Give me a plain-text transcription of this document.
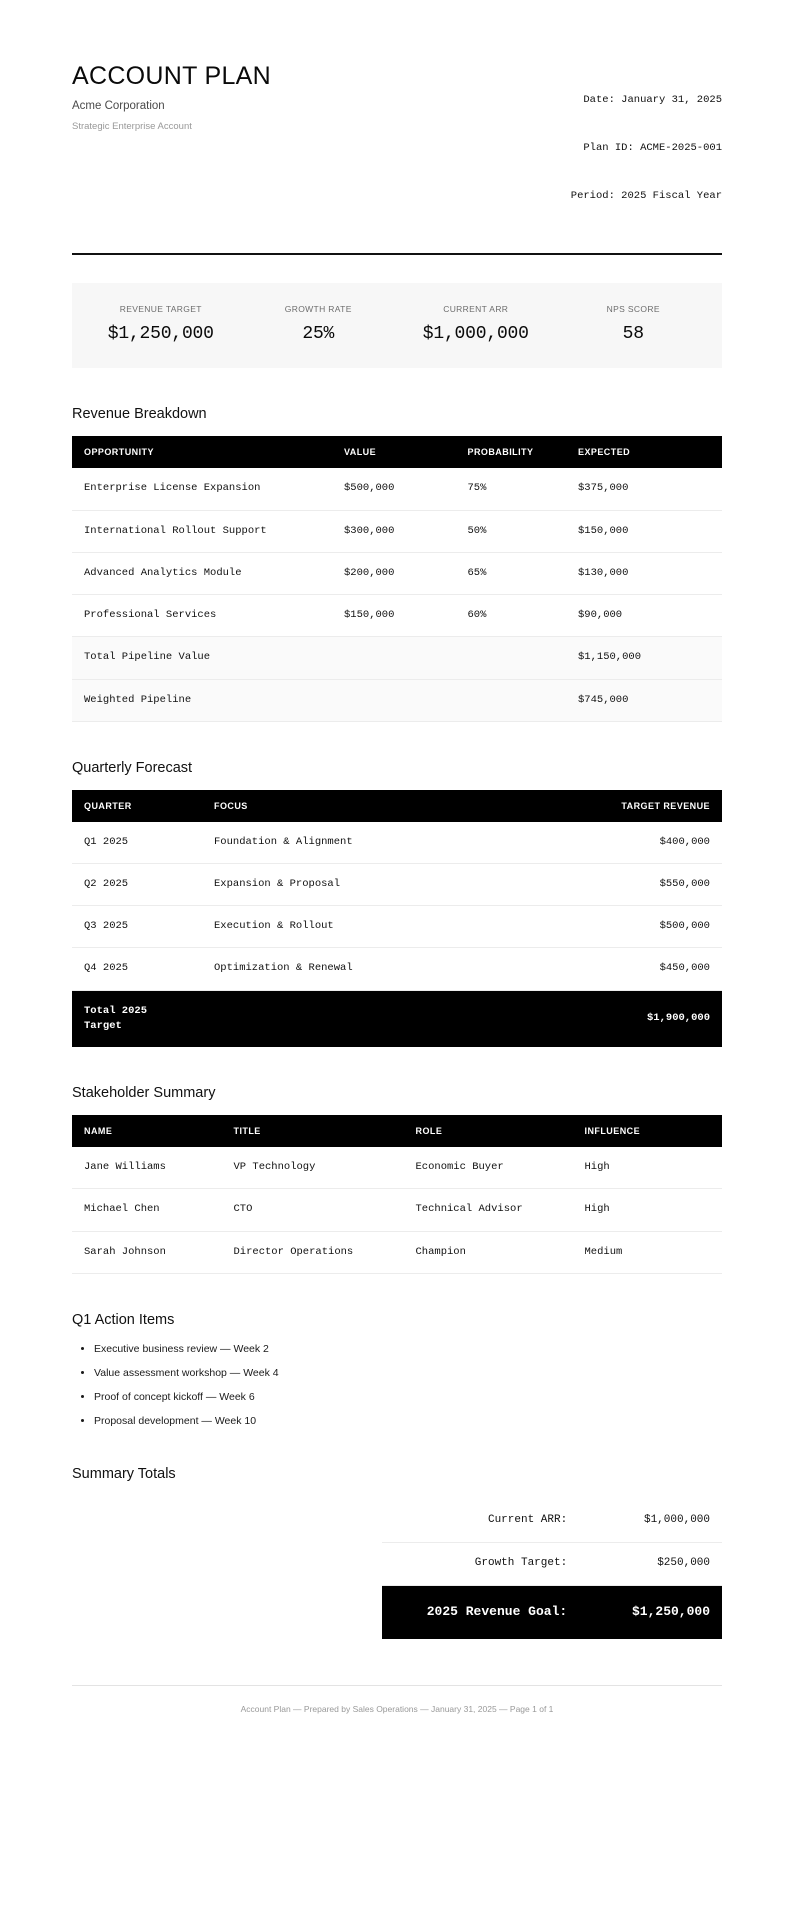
ACCOUNT PLAN
Acme Corporation
Strategic Enterprise Account

Date: January 31, 2025

Plan ID: ACME-2025-001

Period: 2025 Fiscal Year

REVENUE TARGET
$1,250,000
GROWTH RATE
25%
CURRENT ARR
$1,000,000
NPS SCORE
58
Revenue Breakdown
OPPORTUNITY	VALUE	PROBABILITY	EXPECTED
Enterprise License Expansion	$500,000	75%	$375,000
International Rollout Support	$300,000	50%	$150,000
Advanced Analytics Module	$200,000	65%	$130,000
Professional Services	$150,000	60%	$90,000
Total Pipeline Value			$1,150,000
Weighted Pipeline			$745,000
Quarterly Forecast
QUARTER	FOCUS	TARGET REVENUE
Q1 2025	Foundation & Alignment	$400,000
Q2 2025	Expansion & Proposal	$550,000
Q3 2025	Execution & Rollout	$500,000
Q4 2025	Optimization & Renewal	$450,000
Total 2025 Target		$1,900,000
Stakeholder Summary
NAME	TITLE	ROLE	INFLUENCE
Jane Williams	VP Technology	Economic Buyer	High
Michael Chen	CTO	Technical Advisor	High
Sarah Johnson	Director Operations	Champion	Medium
Q1 Action Items
• Executive business review — Week 2
• Value assessment workshop — Week 4
• Proof of concept kickoff — Week 6
• Proposal development — Week 10
Summary Totals
Current ARR:	$1,000,000
Growth Target:	$250,000
2025 Revenue Goal:	$1,250,000
Account Plan — Prepared by Sales Operations — January 31, 2025 — Page 1 of 1
